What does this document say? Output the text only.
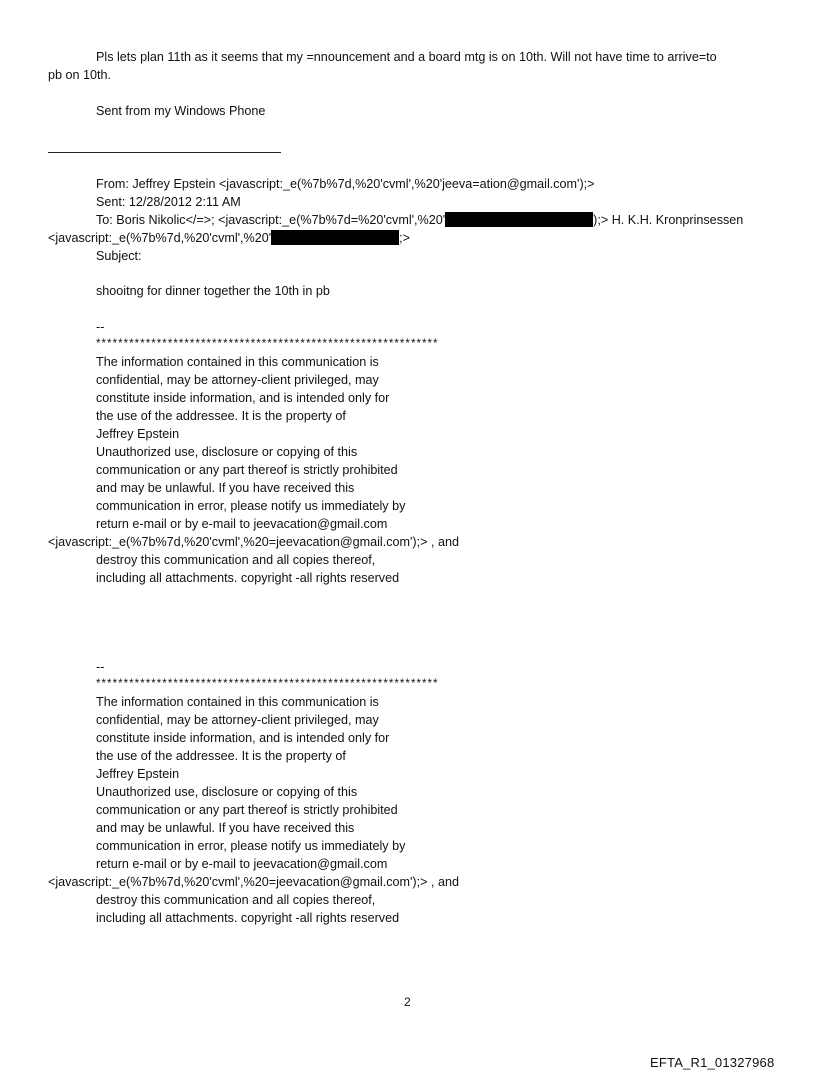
Pls lets plan 11th as it seems that my =nnouncement and a board mtg is on 10th. Will not have time to arrive=to
pb on 10th.
Sent from my Windows Phone
From: Jeffrey Epstein <javascript:_e(%7b%7d,%20'cvml',%20'jeeva=ation@gmail.com');>
Sent: 12/28/2012 2:11 AM
To: Boris Nikolic</=>; <javascript:_e(%7b%7d=%20'cvml',%20'	);> H. K.H. Kronprinsessen
<javascript:_e(%7b%7d,%20'cvml',%20'	;>
Subject:
shooitng for dinner together the 10th in pb
--
**************************************************************
The information contained in this communication is
confidential, may be attorney-client privileged, may
constitute inside information, and is intended only for
the use of the addressee. It is the property of
Jeffrey Epstein
Unauthorized use, disclosure or copying of this
communication or any part thereof is strictly prohibited
and may be unlawful. If you have received this
communication in error, please notify us immediately by
return e-mail or by e-mail to jeevacation@gmail.com
<javascript:_e(%7b%7d,%20'cvml',%20=jeevacation@gmail.com');> , and
destroy this communication and all copies thereof,
including all attachments. copyright -all rights reserved
--
**************************************************************
The information contained in this communication is
confidential, may be attorney-client privileged, may
constitute inside information, and is intended only for
the use of the addressee. It is the property of
Jeffrey Epstein
Unauthorized use, disclosure or copying of this
communication or any part thereof is strictly prohibited
and may be unlawful. If you have received this
communication in error, please notify us immediately by
return e-mail or by e-mail to jeevacation@gmail.com
<javascript:_e(%7b%7d,%20'cvml',%20=jeevacation@gmail.com');> , and
destroy this communication and all copies thereof,
including all attachments. copyright -all rights reserved
2
EFTA_R1_01327968
